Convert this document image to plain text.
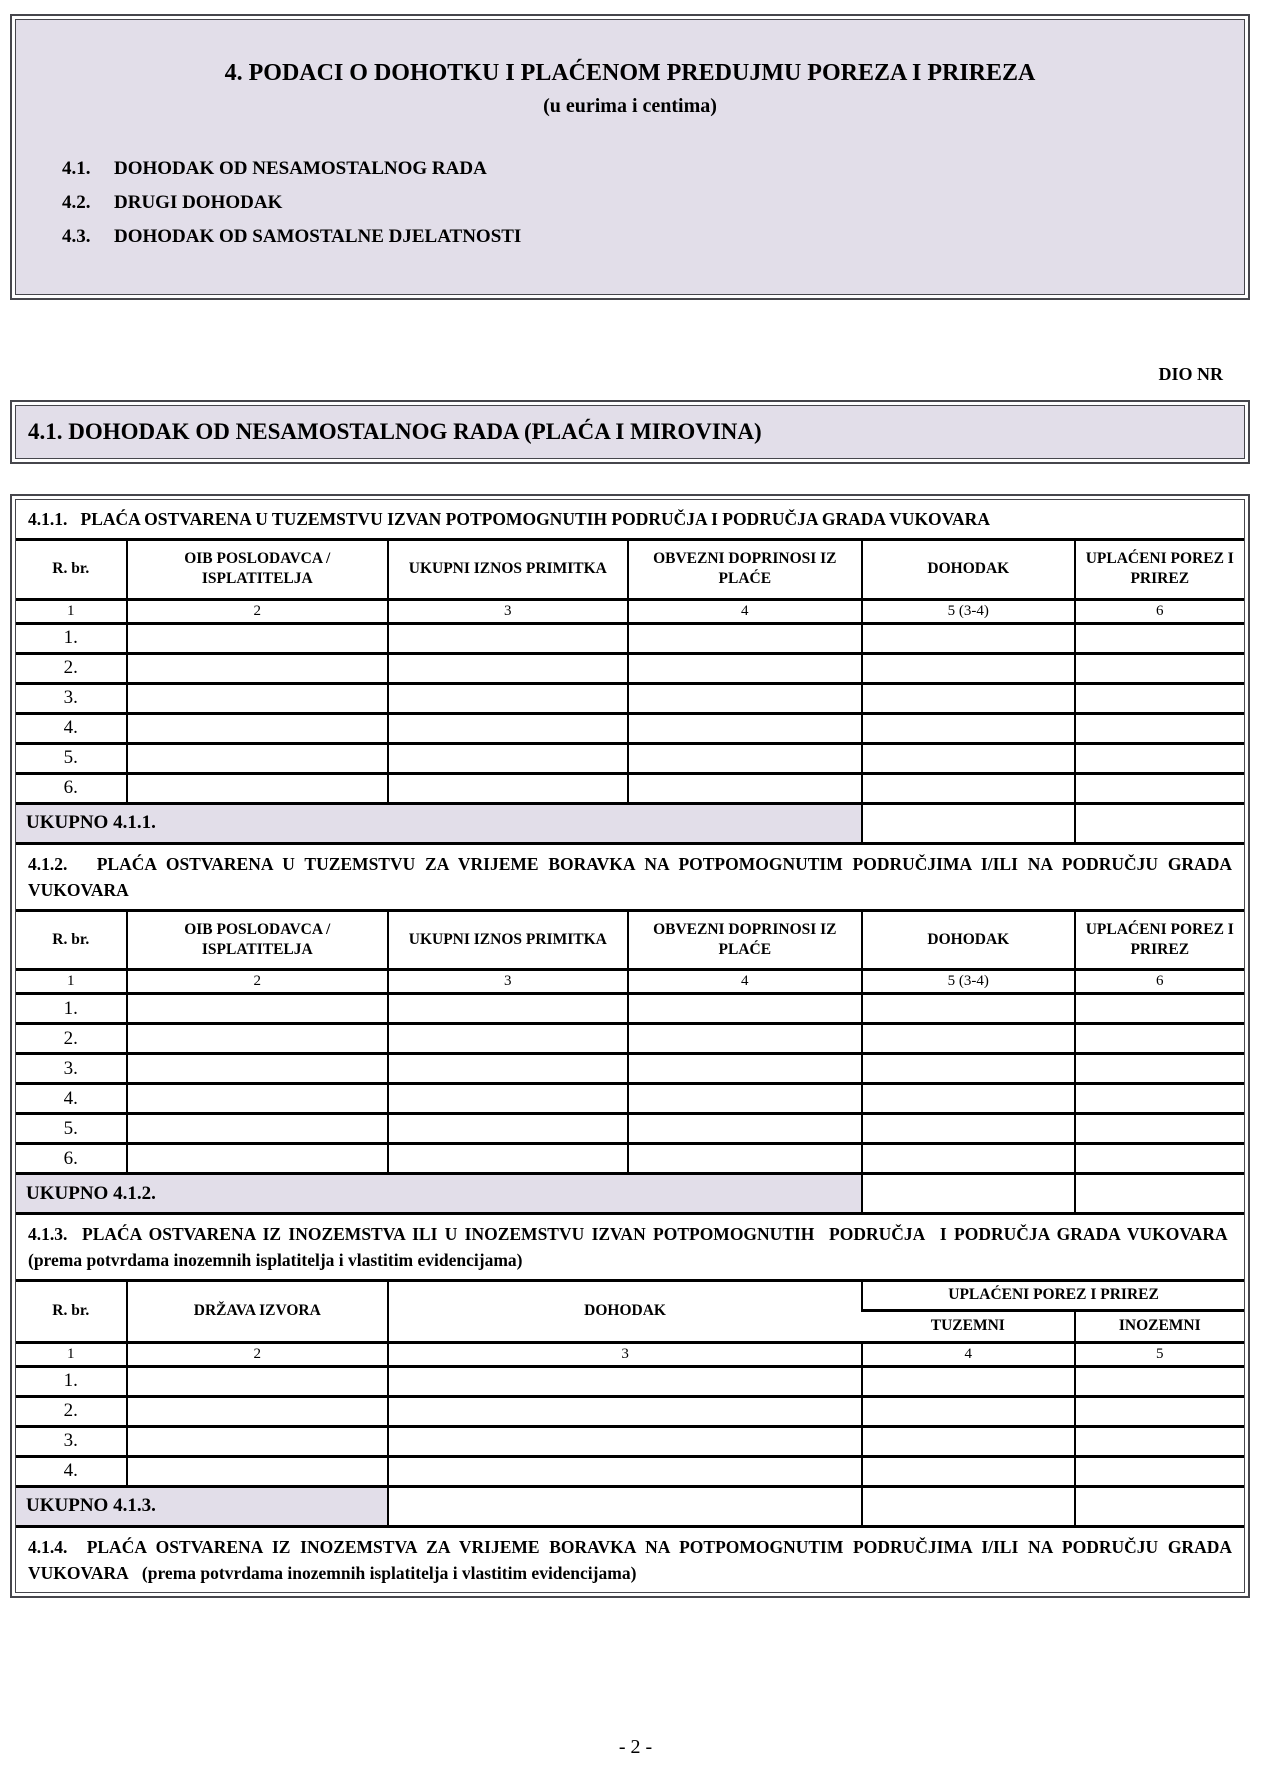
4. PODACI O DOHOTKU I PLAĆENOM PREDUJMU POREZA I PRIREZA
(u eurima i centima)
4.1.	DOHODAK OD NESAMOSTALNOG RADA
4.2.	DRUGI DOHODAK
4.3.	DOHODAK OD SAMOSTALNE DJELATNOSTI
DIO NR
4.1. DOHODAK OD NESAMOSTALNOG RADA (PLAĆA I MIROVINA)
4.1.1.   PLAĆA OSTVARENA U TUZEMSTVU IZVAN POTPOMOGNUTIH PODRUČJA I PODRUČJA GRADA VUKOVARA
R. br.	OIB POSLODAVCA / ISPLATITELJA	UKUPNI IZNOS PRIMITKA	OBVEZNI DOPRINOSI IZ PLAĆE	DOHODAK	UPLAĆENI POREZ I PRIREZ
1	2	3	4	5 (3-4)	6
1.					
2.					
3.					
4.					
5.					
6.					
UKUPNO 4.1.1.					
4.1.2.   PLAĆA OSTVARENA U TUZEMSTVU ZA VRIJEME BORAVKA NA POTPOMOGNUTIM PODRUČJIMA I/ILI NA PODRUČJU GRADA VUKOVARA
R. br.	OIB POSLODAVCA / ISPLATITELJA	UKUPNI IZNOS PRIMITKA	OBVEZNI DOPRINOSI IZ PLAĆE	DOHODAK	UPLAĆENI POREZ I PRIREZ
1	2	3	4	5 (3-4)	6
1.					
2.					
3.					
4.					
5.					
6.					
UKUPNO 4.1.2.					
4.1.3.  PLAĆA OSTVARENA IZ INOZEMSTVA ILI U INOZEMSTVU IZVAN POTPOMOGNUTIH  PODRUČJA  I PODRUČJA GRADA VUKOVARA  (prema potvrdama inozemnih isplatitelja i vlastitim evidencijama)
R. br.	DRŽAVA IZVORA	DOHODAK	UPLAĆENI POREZ I PRIREZ	
			TUZEMNI	INOZEMNI
1	2	3	4	5
1.				
2.				
3.				
4.				
UKUPNO 4.1.3.				
4.1.4.  PLAĆA OSTVARENA IZ INOZEMSTVA ZA VRIJEME BORAVKA NA POTPOMOGNUTIM PODRUČJIMA I/ILI NA PODRUČJU GRADA VUKOVARA   (prema potvrdama inozemnih isplatitelja i vlastitim evidencijama)
- 2 -
